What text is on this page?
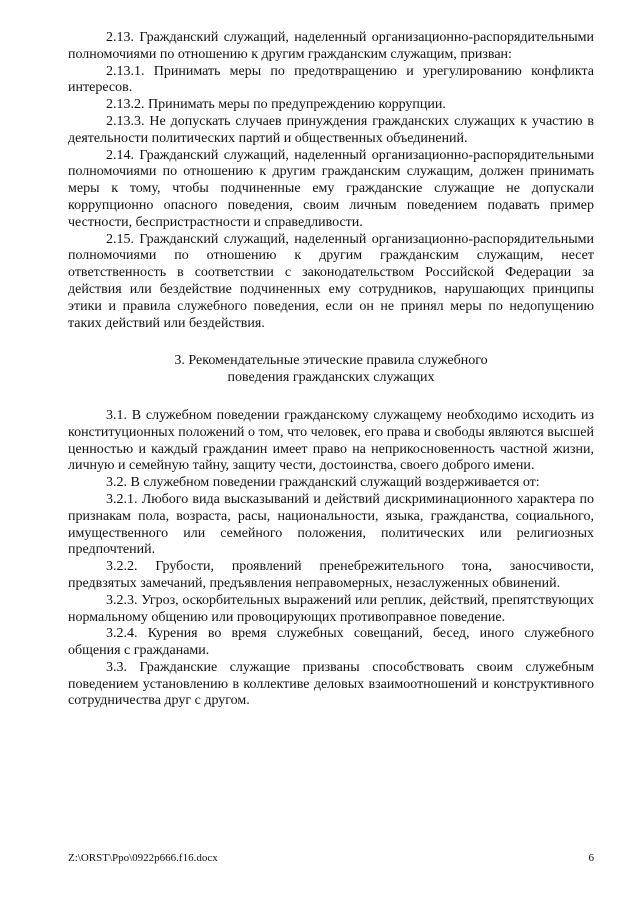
2.13. Гражданский служащий, наделенный организационно-распорядительными полномочиями по отношению к другим гражданским служащим, призван:

2.13.1. Принимать меры по предотвращению и урегулированию конфликта интересов.

2.13.2. Принимать меры по предупреждению коррупции.

2.13.3. Не допускать случаев принуждения гражданских служащих к участию в деятельности политических партий и общественных объединений.

2.14. Гражданский служащий, наделенный организационно-распорядительными полномочиями по отношению к другим гражданским служащим, должен принимать меры к тому, чтобы подчиненные ему гражданские служащие не допускали коррупционно опасного поведения, своим личным поведением подавать пример честности, беспристрастности и справедливости.

2.15. Гражданский служащий, наделенный организационно-распорядительными полномочиями по отношению к другим гражданским служащим, несет ответственность в соответствии с законодательством Российской Федерации за действия или бездействие подчиненных ему сотрудников, нарушающих принципы этики и правила служебного поведения, если он не принял меры по недопущению таких действий или бездействия.

3. Рекомендательные этические правила служебного

поведения гражданских служащих

3.1. В служебном поведении гражданскому служащему необходимо исходить из конституционных положений о том, что человек, его права и свободы являются высшей ценностью и каждый гражданин имеет право на неприкосновенность частной жизни, личную и семейную тайну, защиту чести, достоинства, своего доброго имени.

3.2. В служебном поведении гражданский служащий воздерживается от:

3.2.1. Любого вида высказываний и действий дискриминационного характера по признакам пола, возраста, расы, национальности, языка, гражданства, социального, имущественного или семейного положения, политических или религиозных предпочтений.

3.2.2. Грубости, проявлений пренебрежительного тона, заносчивости, предвзятых замечаний, предъявления неправомерных, незаслуженных обвинений.

3.2.3. Угроз, оскорбительных выражений или реплик, действий, препятствующих нормальному общению или провоцирующих противоправное поведение.

3.2.4. Курения во время служебных совещаний, бесед, иного служебного общения с гражданами.

3.3. Гражданские служащие призваны способствовать своим служебным поведением установлению в коллективе деловых взаимоотношений и конструктивного сотрудничества друг с другом.

Z:\ORST\Ppo\0922p666.f16.docx	6
